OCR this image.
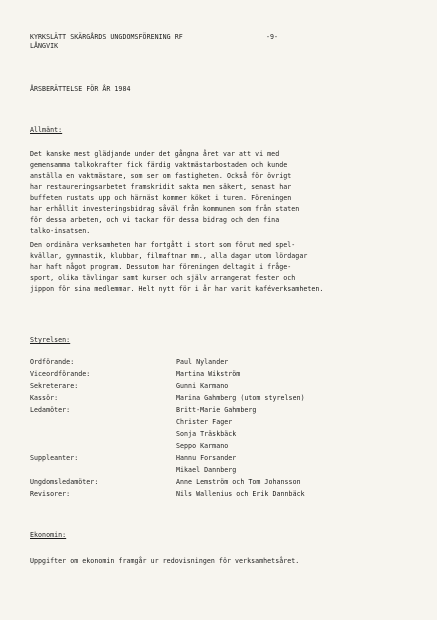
KYRKSLÄTT SKÄRGÅRDS UNGDOMSFÖRENING RF	-9-
LÅNGVIK
ÅRSBERÄTTELSE FÖR ÅR 1984
Allmänt:
Det kanske mest glädjande under det gångna året var att vi med
gemensamma talkokrafter fick färdig vaktmästarbostaden och kunde
anställa en vaktmästare, som ser om fastigheten. Också för övrigt
har restaureringsarbetet framskridit sakta men säkert, senast har
buffeten rustats upp och härnäst kommer köket i turen. Föreningen
har erhållit investeringsbidrag såväl från kommunen som från staten
för dessa arbeten, och vi tackar för dessa bidrag och den fina
talko-insatsen.
Den ordinära verksamheten har fortgått i stort som förut med spel-
kvällar, gymnastik, klubbar, filmaftnar mm., alla dagar utom lördagar
har haft något program. Dessutom har föreningen deltagit i fråge-
sport, olika tävlingar samt kurser och själv arrangerat fester och
jippon för sina medlemmar. Helt nytt för i år har varit kaféverksamheten.
Styrelsen:
Ordförande:	Paul Nylander
Viceordförande:	Martina Wikström
Sekreterare:	Gunni Karmano
Kassör:	Marina Gahmberg (utom styrelsen)
Ledamöter:	Britt-Marie Gahmberg
Christer Fager
Sonja Träskbäck
Seppo Karmano
Suppleanter:	Hannu Forsander
Mikael Dannberg
Ungdomsledamöter:	Anne Lemström och Tom Johansson
Revisorer:	Nils Wallenius och Erik Dannbäck
Ekonomin:
Uppgifter om ekonomin framgår ur redovisningen för verksamhetsåret.
